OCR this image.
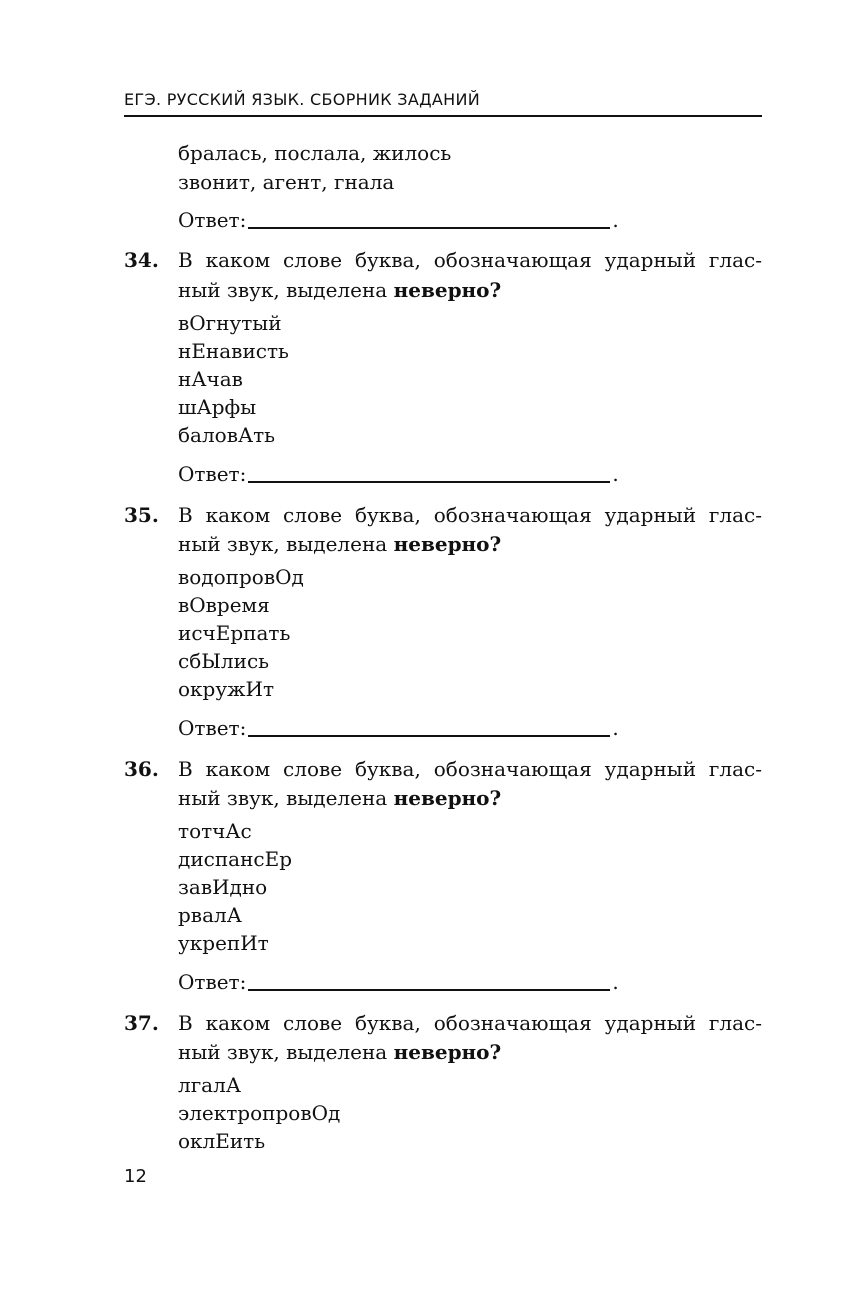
ЕГЭ. РУССКИЙ ЯЗЫК. СБОРНИК ЗАДАНИЙ
бралась, послала, жилось
звонит, агент, гнала
Ответ:	.
34. В каком слове буква, обозначающая ударный глас-
ный звук, выделена неверно?
вОгнутый
нЕнависть
нАчав
шАрфы
баловАть
Ответ:	.
35. В каком слове буква, обозначающая ударный глас-
ный звук, выделена неверно?
водопровОд
вОвремя
исчЕрпать
сбЫлись
окружИт
Ответ:	.
36. В каком слове буква, обозначающая ударный глас-
ный звук, выделена неверно?
тотчАс
диспансЕр
завИдно
рвалА
укрепИт
Ответ:	.
37. В каком слове буква, обозначающая ударный глас-
ный звук, выделена неверно?
лгалА
электропровОд
оклЕить
12
